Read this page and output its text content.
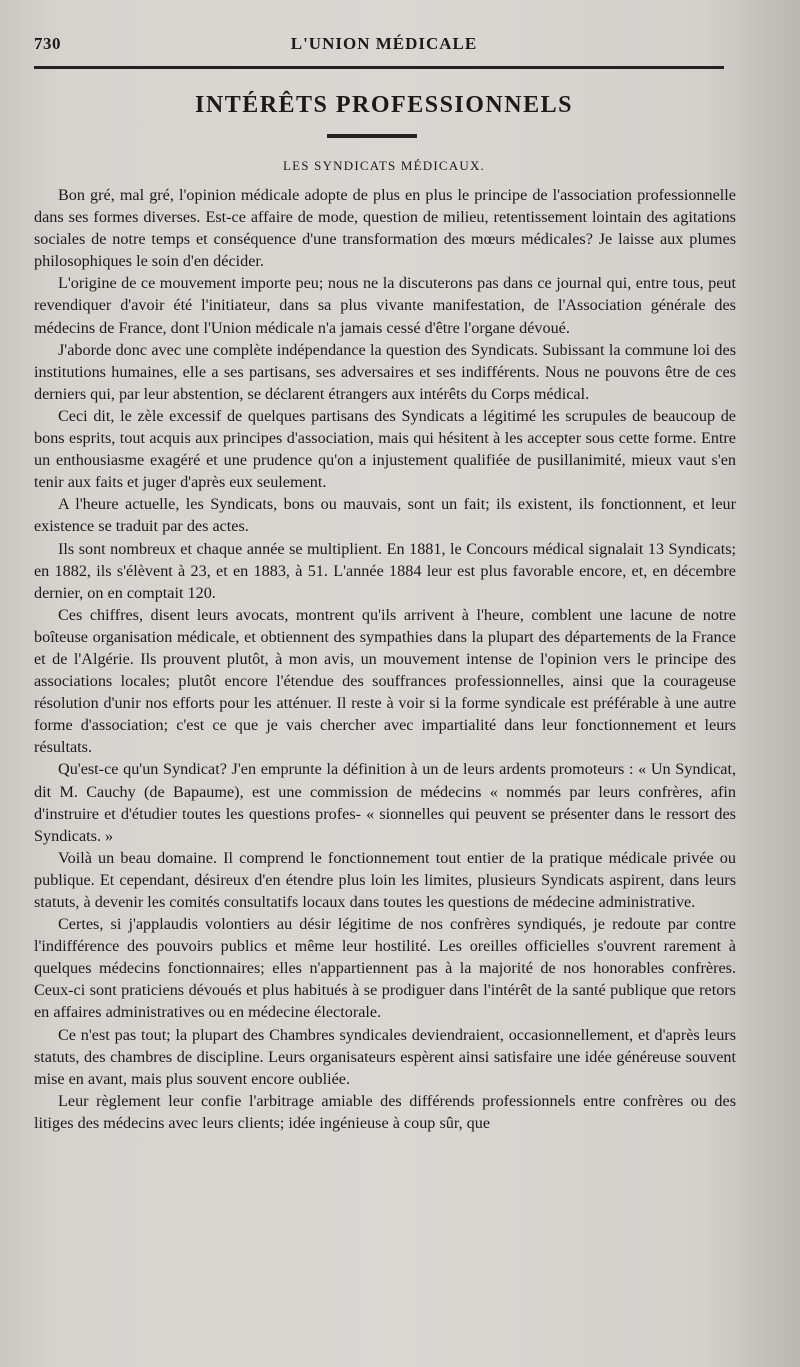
730	L'UNION MÉDICALE
INTÉRÊTS PROFESSIONNELS
LES SYNDICATS MÉDICAUX.

Bon gré, mal gré, l'opinion médicale adopte de plus en plus le principe de l'association professionnelle dans ses formes diverses. Est-ce affaire de mode, question de milieu, retentissement lointain des agitations sociales de notre temps et conséquence d'une transformation des mœurs médicales? Je laisse aux plumes philosophiques le soin d'en décider.

L'origine de ce mouvement importe peu; nous ne la discuterons pas dans ce journal qui, entre tous, peut revendiquer d'avoir été l'initiateur, dans sa plus vivante manifestation, de l'Association générale des médecins de France, dont l'Union médicale n'a jamais cessé d'être l'organe dévoué.

J'aborde donc avec une complète indépendance la question des Syndicats. Subissant la commune loi des institutions humaines, elle a ses partisans, ses adversaires et ses indifférents. Nous ne pouvons être de ces derniers qui, par leur abstention, se déclarent étrangers aux intérêts du Corps médical.

Ceci dit, le zèle excessif de quelques partisans des Syndicats a légitimé les scrupules de beaucoup de bons esprits, tout acquis aux principes d'association, mais qui hésitent à les accepter sous cette forme. Entre un enthousiasme exagéré et une prudence qu'on a injustement qualifiée de pusillanimité, mieux vaut s'en tenir aux faits et juger d'après eux seulement.

A l'heure actuelle, les Syndicats, bons ou mauvais, sont un fait; ils existent, ils fonctionnent, et leur existence se traduit par des actes.

Ils sont nombreux et chaque année se multiplient. En 1881, le Concours médical signalait 13 Syndicats; en 1882, ils s'élèvent à 23, et en 1883, à 51. L'année 1884 leur est plus favorable encore, et, en décembre dernier, on en comptait 120.

Ces chiffres, disent leurs avocats, montrent qu'ils arrivent à l'heure, comblent une lacune de notre boîteuse organisation médicale, et obtiennent des sympathies dans la plupart des départements de la France et de l'Algérie. Ils prouvent plutôt, à mon avis, un mouvement intense de l'opinion vers le principe des associations locales; plutôt encore l'étendue des souffrances professionnelles, ainsi que la courageuse résolution d'unir nos efforts pour les atténuer. Il reste à voir si la forme syndicale est préférable à une autre forme d'association; c'est ce que je vais chercher avec impartialité dans leur fonctionnement et leurs résultats.

Qu'est-ce qu'un Syndicat? J'en emprunte la définition à un de leurs ardents promoteurs : « Un Syndicat, dit M. Cauchy (de Bapaume), est une commission de médecins « nommés par leurs confrères, afin d'instruire et d'étudier toutes les questions profes- « sionnelles qui peuvent se présenter dans le ressort des Syndicats. »

Voilà un beau domaine. Il comprend le fonctionnement tout entier de la pratique médicale privée ou publique. Et cependant, désireux d'en étendre plus loin les limites, plusieurs Syndicats aspirent, dans leurs statuts, à devenir les comités consultatifs locaux dans toutes les questions de médecine administrative.

Certes, si j'applaudis volontiers au désir légitime de nos confrères syndiqués, je redoute par contre l'indifférence des pouvoirs publics et même leur hostilité. Les oreilles officielles s'ouvrent rarement à quelques médecins fonctionnaires; elles n'appartiennent pas à la majorité de nos honorables confrères. Ceux-ci sont praticiens dévoués et plus habitués à se prodiguer dans l'intérêt de la santé publique que retors en affaires administratives ou en médecine électorale.

Ce n'est pas tout; la plupart des Chambres syndicales deviendraient, occasionnellement, et d'après leurs statuts, des chambres de discipline. Leurs organisateurs espèrent ainsi satisfaire une idée généreuse souvent mise en avant, mais plus souvent encore oubliée.

Leur règlement leur confie l'arbitrage amiable des différends professionnels entre confrères ou des litiges des médecins avec leurs clients; idée ingénieuse à coup sûr, que
